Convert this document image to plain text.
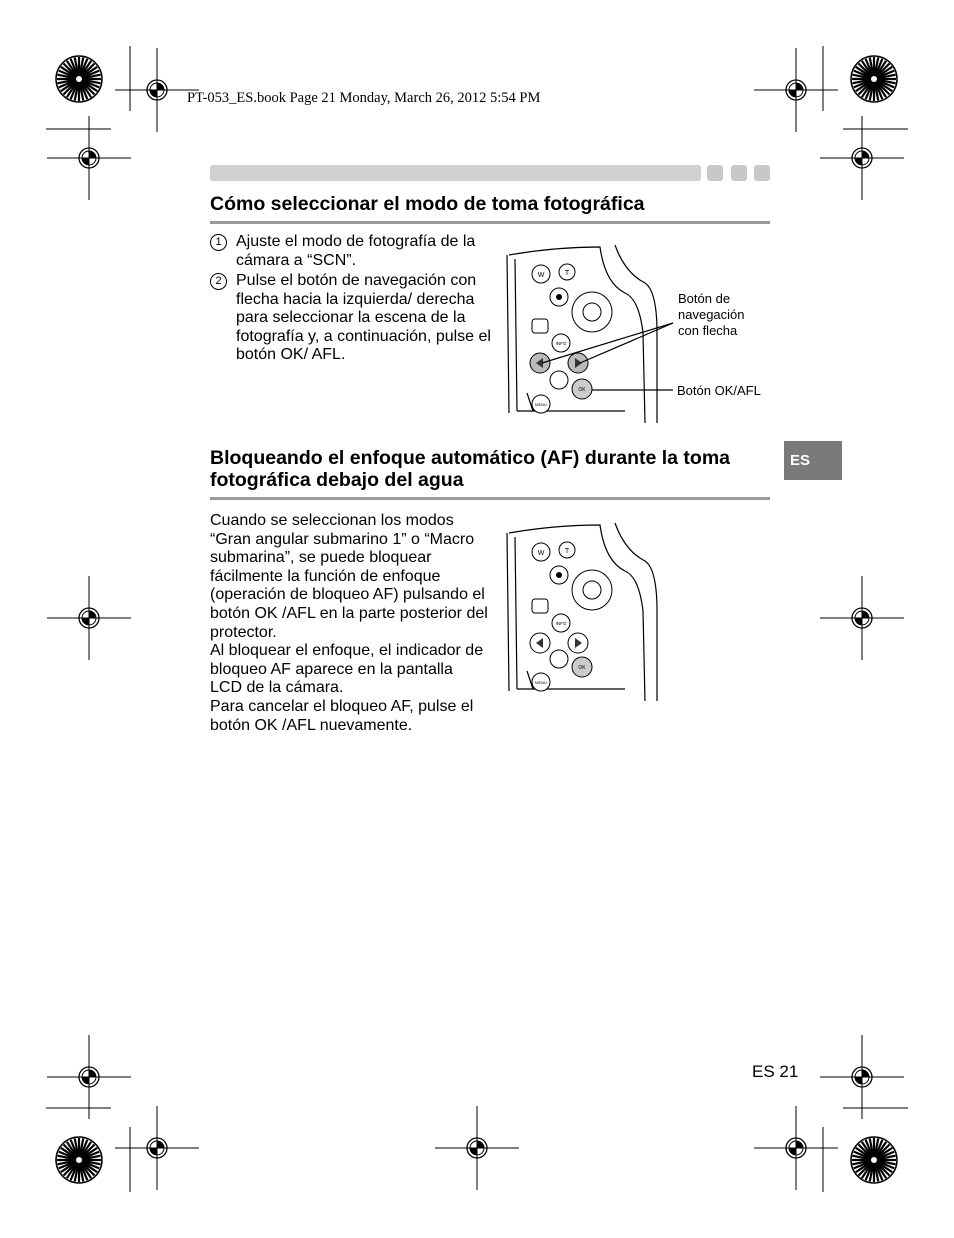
PT-053_ES.book Page 21 Monday, March 26, 2012 5:54 PM
Cómo seleccionar el modo de toma fotográfica
1 Ajuste el modo de fotografía de la cámara a “SCN”.
2 Pulse el botón de navegación con flecha hacia la izquierda/ derecha para seleccionar la escena de la fotografía y, a continuación, pulse el botón OK/ AFL.
W	T
INFO
OK
MENU
Botón de
navegación
con flecha
Botón OK/AFL
ES
Bloqueando el enfoque automático (AF) durante la toma
fotográfica debajo del agua
Cuando se seleccionan los modos “Gran angular submarino 1” o “Macro submarina”, se puede bloquear fácilmente la función de enfoque (operación de bloqueo AF) pulsando el botón OK /AFL en la parte posterior del protector.
Al bloquear el enfoque, el indicador de bloqueo AF aparece en la pantalla LCD de la cámara.
Para cancelar el bloqueo AF, pulse el botón OK /AFL nuevamente.
W	T
INFO
OK
MENU
ES 21
